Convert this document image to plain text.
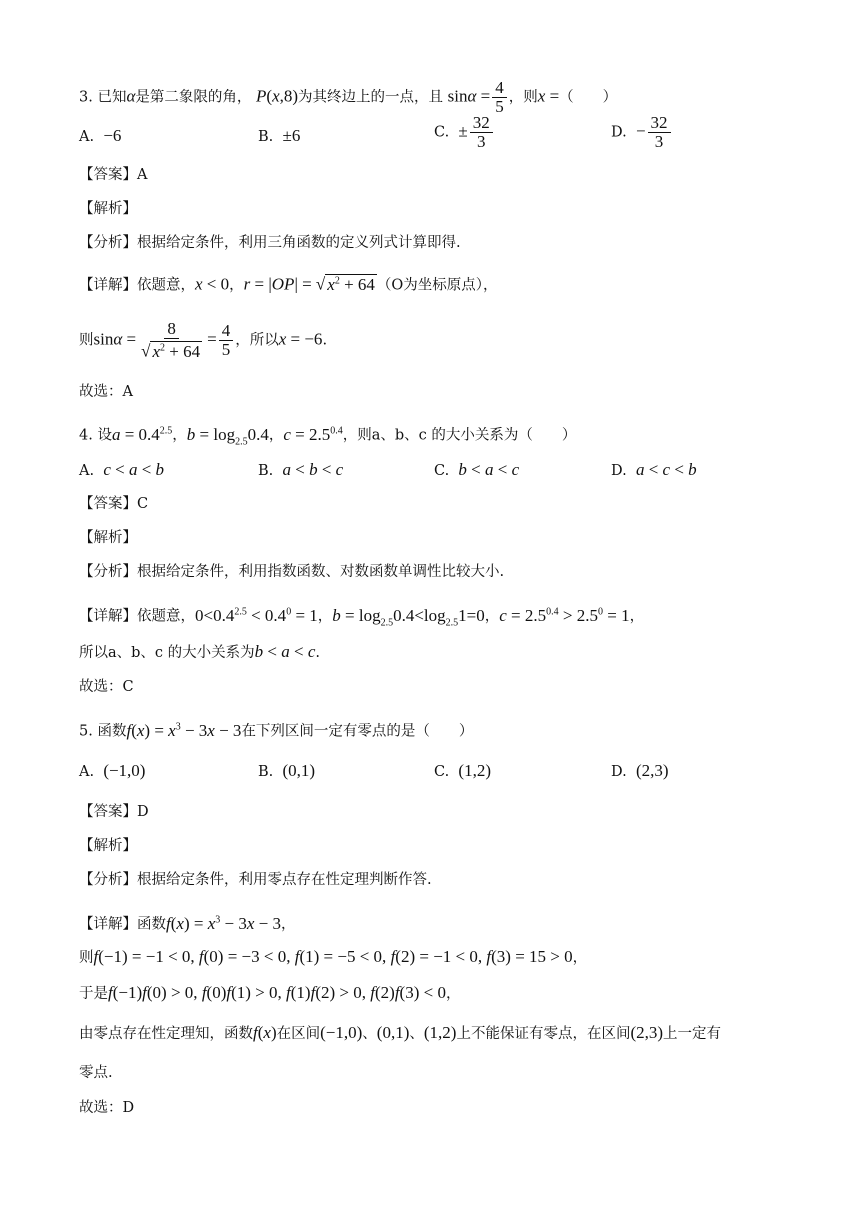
3. 已知α是第二象限的角， P(x,8)为其终边上的一点，且 $\sin\alpha = \frac{4}{5}$ ，则x =（　　）
A. −6	B. ±6	C. ± $\frac{32}{3}$	D. − $\frac{32}{3}$
【答案】A
【解析】
【分析】根据给定条件，利用三角函数的定义列式计算即得.
【详解】依题意，x < 0，r = |OP| = √ $x^2 + 64$ （O为坐标原点），
则$\sin\alpha = \frac{8}{√ x^2 + 64} = \frac{4}{5}$ ，所以x = −6.
故选：A
4. 设$a = 0.4^{2.5}$，$b = \log_{2.5}0.4$，$c = 2.5^{0.4}$，则a、b、c 的大小关系为（　　）
A. c < a < b	B. a < b < c	C. b < a < c	D. a < c < b
【答案】C
【解析】
【分析】根据给定条件，利用指数函数、对数函数单调性比较大小.
【详解】依题意，$0<0.4^{2.5} < 0.4^0 = 1$，$b = \log_{2.5}0.4<\log_{2.5}1=0$，$c = 2.5^{0.4} > 2.5^0 = 1$，
所以a、b、c 的大小关系为b < a < c.
故选：C
5. 函数$f(x) = x^3 - 3x - 3$在下列区间一定有零点的是（　　）
A. (−1,0)	B. (0,1)	C. (1,2)	D. (2,3)
【答案】D
【解析】
【分析】根据给定条件，利用零点存在性定理判断作答.
【详解】函数$f(x) = x^3 - 3x - 3$，
则f(−1) = −1 < 0, f(0) = −3 < 0, f(1) = −5 < 0, f(2) = −1 < 0, f(3) = 15 > 0，
于是f(−1)f(0) > 0, f(0)f(1) > 0, f(1)f(2) > 0, f(2)f(3) < 0，
由零点存在性定理知，函数f(x)在区间(−1,0)、(0,1)、(1,2)上不能保证有零点，在区间(2,3)上一定有
零点.
故选：D
